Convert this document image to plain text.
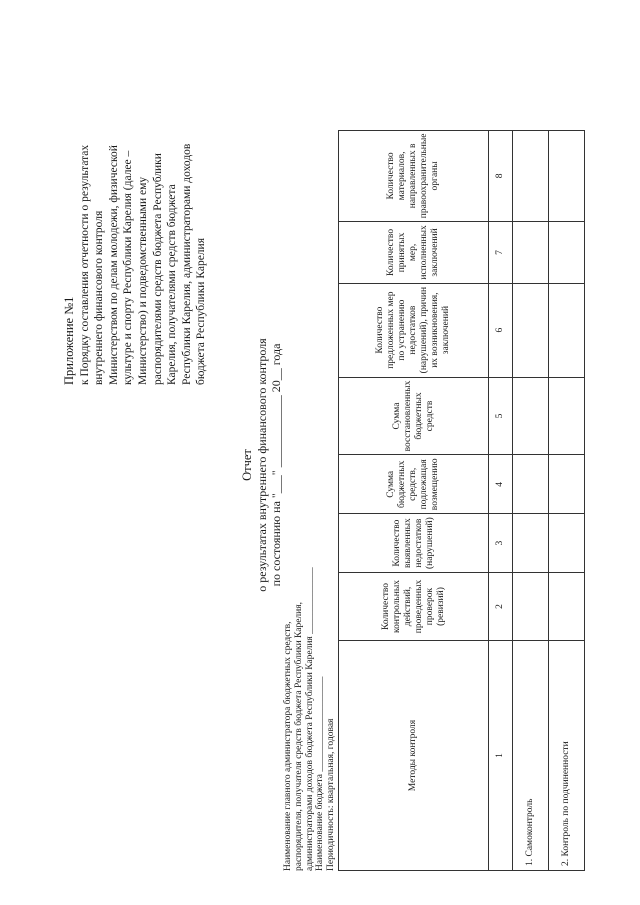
Приложение №1 к Порядку составления отчетности о результатах внутреннего финансового контроля Министерством по делам молодежи, физической культуре и спорту Республики Карелия (далее – Министерство) и подведомственными ему распорядителями средств бюджета Республики Карелия, получателями средств бюджета Республики Карелия, администраторами доходов бюджета Республики Карелия
Отчет о результатах внутреннего финансового контроля по состоянию на "___" ____________ 20__ года
Наименование главного администратора бюджетных средств, распорядителя, получателя средств бюджета Республики Карелия, администраторами доходов бюджета Республики Карелия ______________ Наименование бюджета ____________________ Периодичность: квартальная, годовая	Методы контроля	Количество контрольных действий, проведенных проверок (ревизий)	Количество выявленных недостатков (нарушений)	Сумма бюджетных средств, подлежащая возмещению	Сумма восстановленных бюджетных средств	Количество предложенных мер по устранению недостатков (нарушений), причин их возникновения, заключений	Количество принятых мер, исполненных заключений	Количество материалов, направленных в правоохранительные органы
1	2	3	4	5	6	7	8
1. Самоконтроль							
2. Контроль по подчиненности							
